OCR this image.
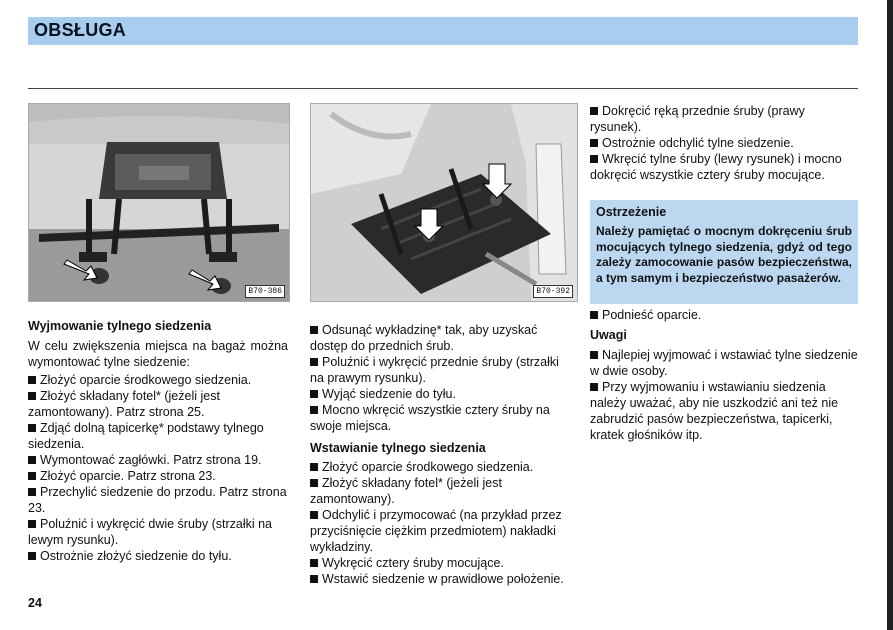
OBSŁUGA
B70-386	B70-392

Wyjmowanie tylnego siedzenia

W celu zwiększenia miejsca na bagaż można wymontować tylne siedzenie:

Złożyć oparcie środkowego siedzenia.

Złożyć składany fotel* (jeżeli jest zamontowany). Patrz strona 25.

Zdjąć dolną tapicerkę* podstawy tylnego siedzenia.

Wymontować zagłówki. Patrz strona 19.

Złożyć oparcie. Patrz strona 23.

Przechylić siedzenie do przodu. Patrz strona 23.

Poluźnić i wykręcić dwie śruby (strzałki na lewym rysunku).

Ostrożnie złożyć siedzenie do tyłu.

Odsunąć wykładzinę* tak, aby uzyskać dostęp do przednich śrub.

Poluźnić i wykręcić przednie śruby (strzałki na prawym rysunku).

Wyjąć siedzenie do tyłu.

Mocno wkręcić wszystkie cztery śruby na swoje miejsca.

Wstawianie tylnego siedzenia

Złożyć oparcie środkowego siedzenia.

Złożyć składany fotel* (jeżeli jest zamontowany).

Odchylić i przymocować (na przykład przez przyciśnięcie ciężkim przedmiotem) nakładki wykładziny.

Wykręcić cztery śruby mocujące.

Wstawić siedzenie w prawidłowe położenie.

Dokręcić ręką przednie śruby (prawy rysunek).

Ostrożnie odchylić tylne siedzenie.

Wkręcić tylne śruby (lewy rysunek) i mocno dokręcić wszystkie cztery śruby mocujące.

Ostrzeżenie
Należy pamiętać o mocnym dokręceniu śrub mocujących tylnego siedzenia, gdyż od tego zależy zamocowanie pasów bezpieczeństwa, a tym samym i bezpieczeństwo pasażerów.

Podnieść oparcie.

Uwagi

Najlepiej wyjmować i wstawiać tylne siedzenie w dwie osoby.

Przy wyjmowaniu i wstawianiu siedzenia należy uważać, aby nie uszkodzić ani też nie zabrudzić pasów bezpieczeństwa, tapicerki, kratek głośników itp.

24
